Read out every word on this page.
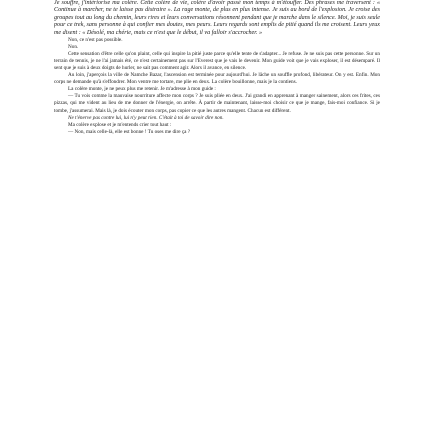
Je souffre, j'intériorise ma colère. Cette colère de vie, colère d'avoir passé mon temps à m'étouffer. Des phrases me traversent : « Continue à marcher, ne te laisse pas distraire ». La rage monte, de plus en plus intense. Je suis au bord de l'explosion. Je croise des groupes tout au long du chemin, leurs rires et leurs conversations résonnent pendant que je marche dans le silence. Moi, je suis seule pour ce trek, sans personne à qui confier mes doutes, mes peurs. Leurs regards sont emplis de pitié quand ils me croisent. Leurs yeux me disent : « Désolé, ma chérie, mais ce n'est que le début, il va falloir s'accrocher. »

Non, ce n'est pas possible.

Non.

Cette sensation d'être celle qu'on plaint, celle qui inspire la pitié juste parce qu'elle tente de s'adapter... Je refuse. Je ne suis pas cette personne. Sur un terrain de tennis, je ne l'ai jamais été, ce n'est certainement pas sur l'Everest que je vais le devenir. Mon guide voit que je vais exploser, il est désemparé. Il sent que je suis à deux doigts de hurler, ne sait pas comment agir. Alors il avance, en silence.

Au loin, j'aperçois la ville de Namche Bazar, l'ascension est terminée pour aujourd'hui. Je lâche un souffle profond, libérateur. On y est. Enfin. Mon corps ne demande qu'à s'effondrer. Mon ventre me tortare, me plie en deux. La colère bouillonne, mais je la contiens.

La colère monte, je ne peux plus me retenir. Je m'adresse à mon guide :

— Tu vois comme la mauvaise nourriture affecte mon corps ? Je suis pliée en deux. J'ai grandi en apprenant à manger sainement, alors ces frites, ces pizzas, qui me vident au lieu de me donner de l'énergie, on arrête. À partir de maintenant, laisse-moi choisir ce que je mange, fais-moi confiance. Si je tombe, j'assumerai. Mais là, je dois écouter mon corps, pas copier ce que les autres mangent. Chacun est différent.

Ne t'énerve pas contre lui, lui n'y peut rien. C'était à toi de savoir dire non.

Ma colère explose et je m'entends crier tout haut :

— Non, mais celle-là, elle est bonne ! Tu oses me dire ça ?
